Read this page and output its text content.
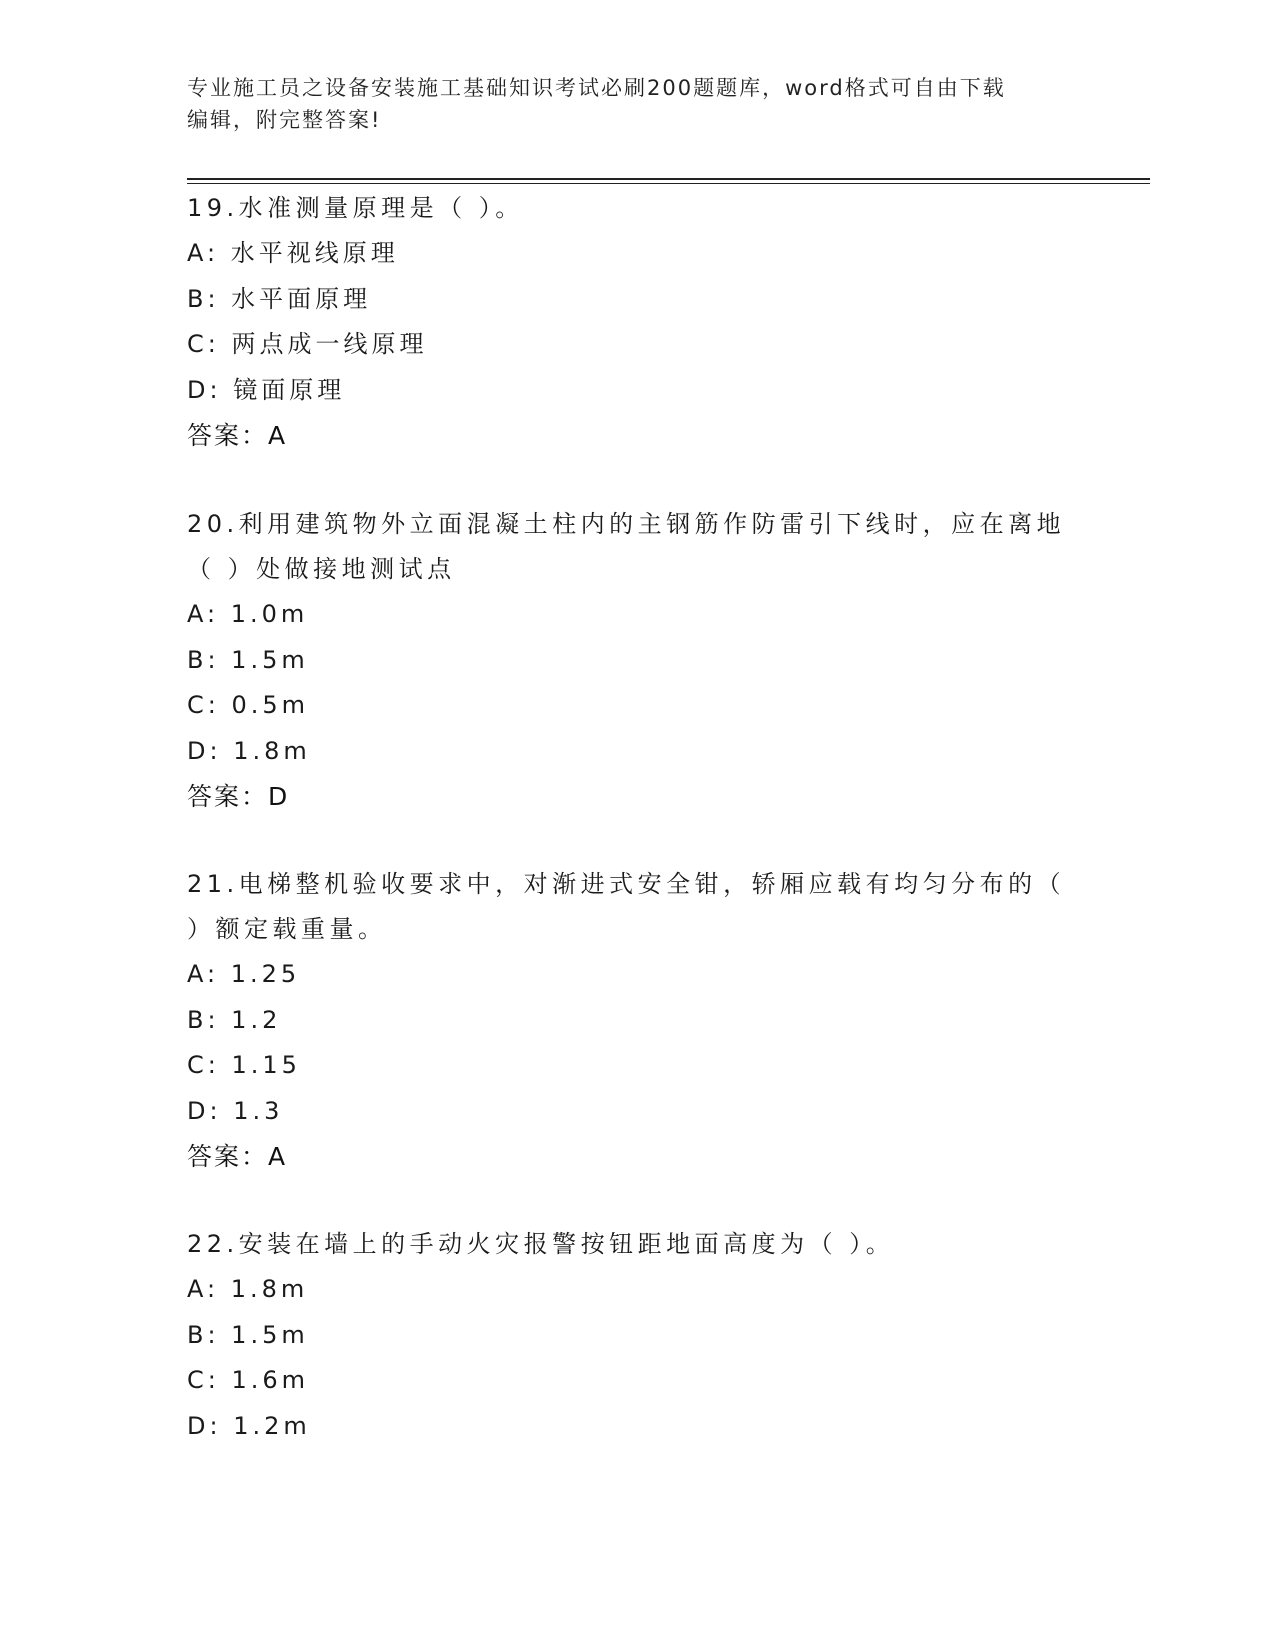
专业施工员之设备安装施工基础知识考试必刷200题题库，word格式可自由下载
编辑，附完整答案!

19.水准测量原理是（ ）。

A: 水平视线原理

B: 水平面原理

C: 两点成一线原理

D: 镜面原理

答案：A

20.利用建筑物外立面混凝土柱内的主钢筋作防雷引下线时，应在离地

（ ）处做接地测试点

A: 1.0m

B: 1.5m

C: 0.5m

D: 1.8m

答案：D

21.电梯整机验收要求中，对渐进式安全钳，轿厢应载有均匀分布的（

）额定载重量。

A: 1.25

B: 1.2

C: 1.15

D: 1.3

答案：A

22.安装在墙上的手动火灾报警按钮距地面高度为（ ）。

A: 1.8m

B: 1.5m

C: 1.6m

D: 1.2m
